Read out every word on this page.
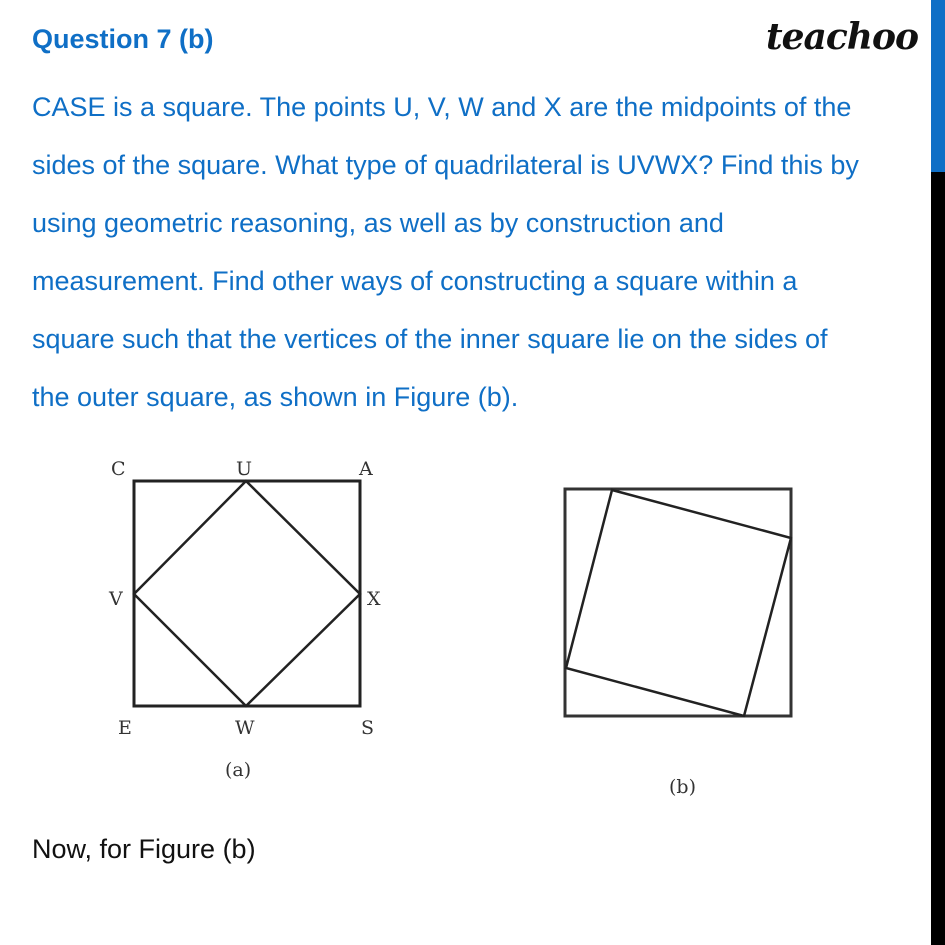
Question 7 (b)	teachoo
CASE is a square. The points U, V, W and X are the midpoints of the
sides of the square. What type of quadrilateral is UVWX? Find this by
using geometric reasoning, as well as by construction and
measurement. Find other ways of constructing a square within a
square such that the vertices of the inner square lie on the sides of
the outer square, as shown in Figure (b).
C	U	A
V	X
E	W	S
(a)
(b)
Now, for Figure (b)
